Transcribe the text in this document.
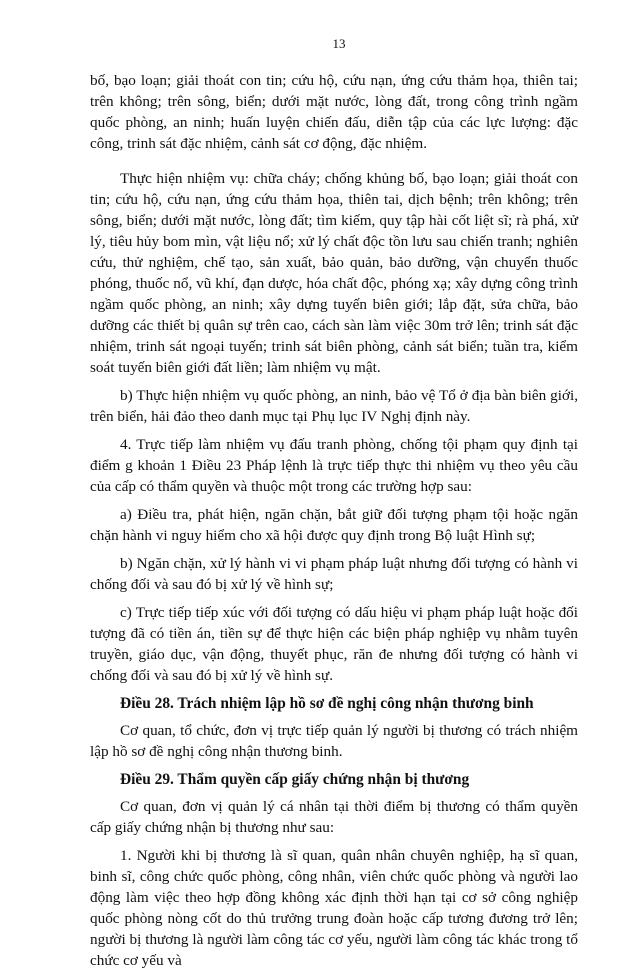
13

bố, bạo loạn; giải thoát con tin; cứu hộ, cứu nạn, ứng cứu thảm họa, thiên tai; trên không; trên sông, biển; dưới mặt nước, lòng đất, trong công trình ngầm quốc phòng, an ninh; huấn luyện chiến đấu, diễn tập của các lực lượng: đặc công, trinh sát đặc nhiệm, cảnh sát cơ động, đặc nhiệm.

Thực hiện nhiệm vụ: chữa cháy; chống khủng bố, bạo loạn; giải thoát con tin; cứu hộ, cứu nạn, ứng cứu thảm họa, thiên tai, dịch bệnh; trên không; trên sông, biển; dưới mặt nước, lòng đất; tìm kiếm, quy tập hài cốt liệt sĩ; rà phá, xử lý, tiêu hủy bom mìn, vật liệu nổ; xử lý chất độc tồn lưu sau chiến tranh; nghiên cứu, thử nghiệm, chế tạo, sản xuất, bảo quản, bảo dưỡng, vận chuyển thuốc phóng, thuốc nổ, vũ khí, đạn dược, hóa chất độc, phóng xạ; xây dựng công trình ngầm quốc phòng, an ninh; xây dựng tuyến biên giới; lắp đặt, sửa chữa, bảo dưỡng các thiết bị quân sự trên cao, cách sàn làm việc 30m trở lên; trinh sát đặc nhiệm, trinh sát ngoại tuyến; trinh sát biên phòng, cảnh sát biển; tuần tra, kiểm soát tuyến biên giới đất liền; làm nhiệm vụ mật.

b) Thực hiện nhiệm vụ quốc phòng, an ninh, bảo vệ Tổ ở địa bàn biên giới, trên biển, hải đảo theo danh mục tại Phụ lục IV Nghị định này.

4. Trực tiếp làm nhiệm vụ đấu tranh phòng, chống tội phạm quy định tại điểm g khoản 1 Điều 23 Pháp lệnh là trực tiếp thực thi nhiệm vụ theo yêu cầu của cấp có thẩm quyền và thuộc một trong các trường hợp sau:

a) Điều tra, phát hiện, ngăn chặn, bắt giữ đối tượng phạm tội hoặc ngăn chặn hành vi nguy hiểm cho xã hội được quy định trong Bộ luật Hình sự;

b) Ngăn chặn, xử lý hành vi vi phạm pháp luật nhưng đối tượng có hành vi chống đối và sau đó bị xử lý về hình sự;

c) Trực tiếp tiếp xúc với đối tượng có dấu hiệu vi phạm pháp luật hoặc đối tượng đã có tiền án, tiền sự để thực hiện các biện pháp nghiệp vụ nhằm tuyên truyền, giáo dục, vận động, thuyết phục, răn đe nhưng đối tượng có hành vi chống đối và sau đó bị xử lý về hình sự.

Điều 28. Trách nhiệm lập hồ sơ đề nghị công nhận thương binh

Cơ quan, tổ chức, đơn vị trực tiếp quản lý người bị thương có trách nhiệm lập hồ sơ đề nghị công nhận thương binh.

Điều 29. Thẩm quyền cấp giấy chứng nhận bị thương

Cơ quan, đơn vị quản lý cá nhân tại thời điểm bị thương có thẩm quyền cấp giấy chứng nhận bị thương như sau:

1. Người khi bị thương là sĩ quan, quân nhân chuyên nghiệp, hạ sĩ quan, binh sĩ, công chức quốc phòng, công nhân, viên chức quốc phòng và người lao động làm việc theo hợp đồng không xác định thời hạn tại cơ sở công nghiệp quốc phòng nòng cốt do thủ trưởng trung đoàn hoặc cấp tương đương trở lên; người bị thương là người làm công tác cơ yếu, người làm công tác khác trong tổ chức cơ yếu và
